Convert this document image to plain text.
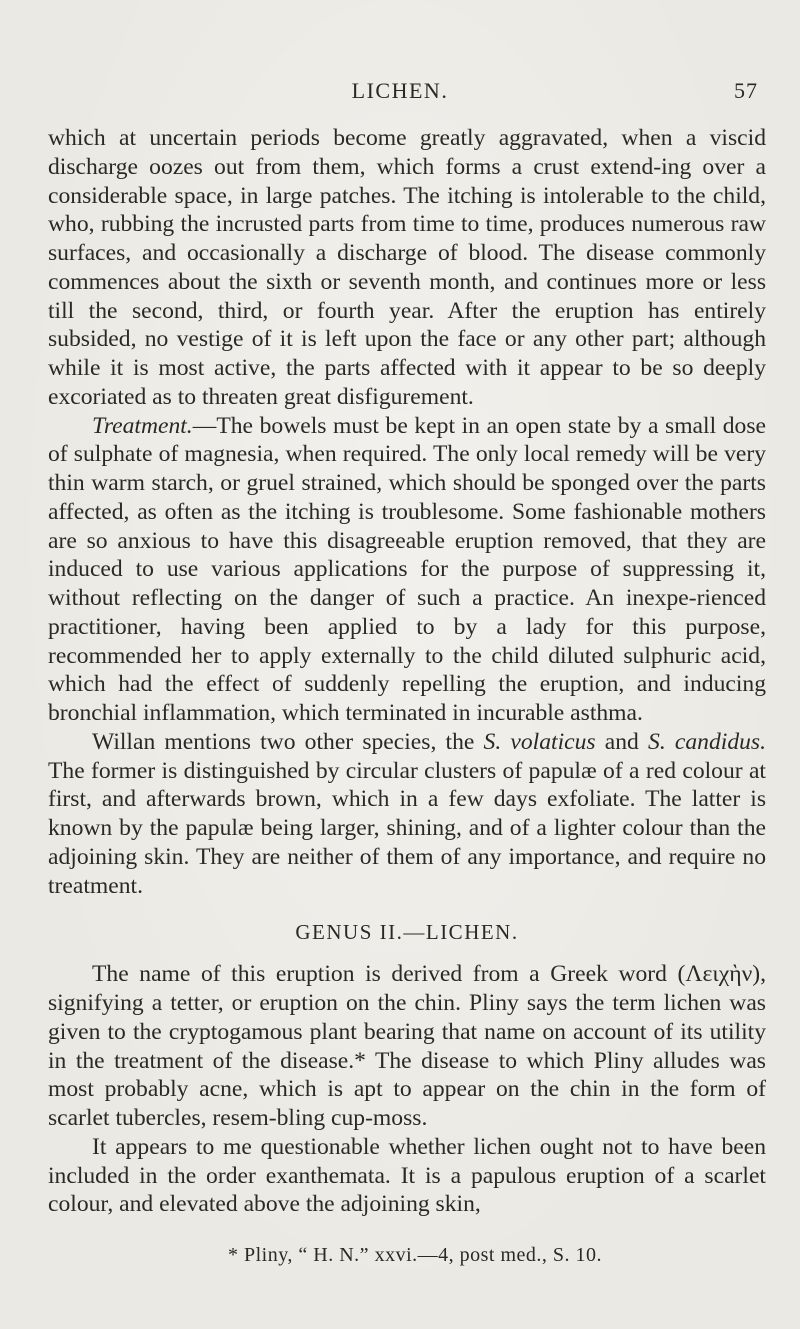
LICHEN.	57

which at uncertain periods become greatly aggravated, when a viscid discharge oozes out from them, which forms a crust extend-ing over a considerable space, in large patches. The itching is intolerable to the child, who, rubbing the incrusted parts from time to time, produces numerous raw surfaces, and occasionally a discharge of blood. The disease commonly commences about the sixth or seventh month, and continues more or less till the second, third, or fourth year. After the eruption has entirely subsided, no vestige of it is left upon the face or any other part; although while it is most active, the parts affected with it appear to be so deeply excoriated as to threaten great disfigurement.

Treatment.—The bowels must be kept in an open state by a small dose of sulphate of magnesia, when required. The only local remedy will be very thin warm starch, or gruel strained, which should be sponged over the parts affected, as often as the itching is troublesome. Some fashionable mothers are so anxious to have this disagreeable eruption removed, that they are induced to use various applications for the purpose of suppressing it, without reflecting on the danger of such a practice. An inexpe-rienced practitioner, having been applied to by a lady for this purpose, recommended her to apply externally to the child diluted sulphuric acid, which had the effect of suddenly repelling the eruption, and inducing bronchial inflammation, which terminated in incurable asthma.

Willan mentions two other species, the S. volaticus and S. candidus. The former is distinguished by circular clusters of papulæ of a red colour at first, and afterwards brown, which in a few days exfoliate. The latter is known by the papulæ being larger, shining, and of a lighter colour than the adjoining skin. They are neither of them of any importance, and require no treatment.

GENUS II.—LICHEN.

The name of this eruption is derived from a Greek word (Λειχὴν), signifying a tetter, or eruption on the chin. Pliny says the term lichen was given to the cryptogamous plant bearing that name on account of its utility in the treatment of the disease.* The disease to which Pliny alludes was most probably acne, which is apt to appear on the chin in the form of scarlet tubercles, resem-bling cup-moss.

It appears to me questionable whether lichen ought not to have been included in the order exanthemata. It is a papulous eruption of a scarlet colour, and elevated above the adjoining skin,

* Pliny, “ H. N.” xxvi.—4, post med., S. 10.
